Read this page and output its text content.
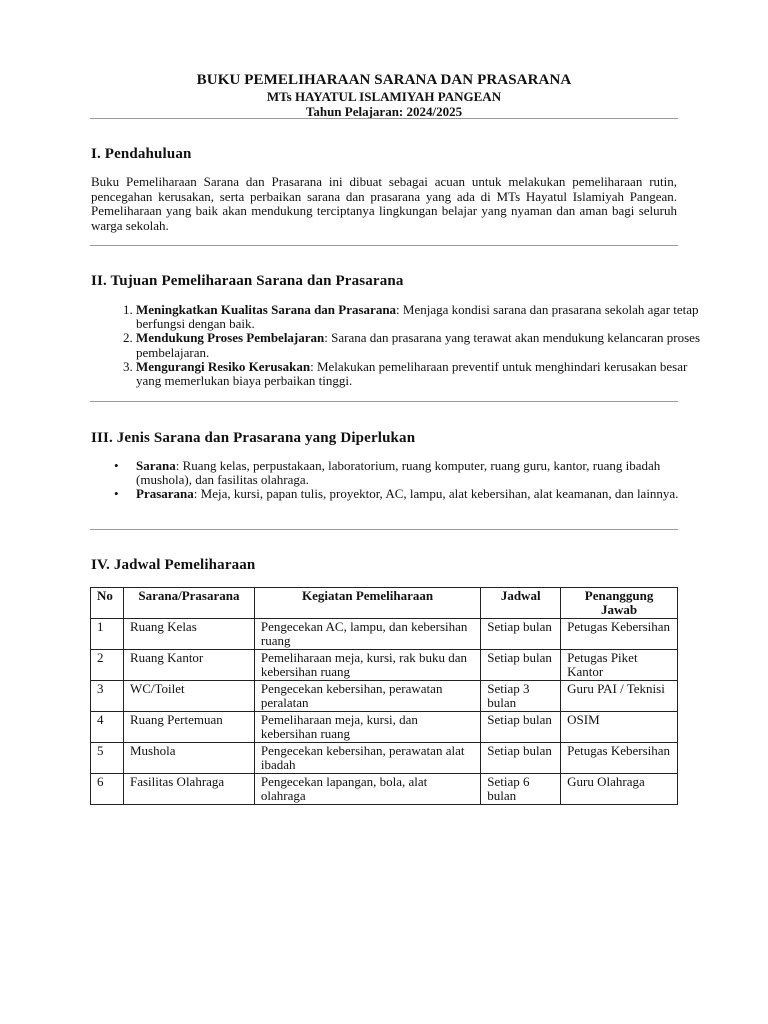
BUKU PEMELIHARAAN SARANA DAN PRASARANA
MTs HAYATUL ISLAMIYAH PANGEAN
Tahun Pelajaran: 2024/2025
I. Pendahuluan

Buku Pemeliharaan Sarana dan Prasarana ini dibuat sebagai acuan untuk melakukan pemeliharaan rutin, pencegahan kerusakan, serta perbaikan sarana dan prasarana yang ada di MTs Hayatul Islamiyah Pangean. Pemeliharaan yang baik akan mendukung terciptanya lingkungan belajar yang nyaman dan aman bagi seluruh warga sekolah.

II. Tujuan Pemeliharaan Sarana dan Prasarana
1. Meningkatkan Kualitas Sarana dan Prasarana: Menjaga kondisi sarana dan prasarana sekolah agar tetap berfungsi dengan baik.
2. Mendukung Proses Pembelajaran: Sarana dan prasarana yang terawat akan mendukung kelancaran proses pembelajaran.
3. Mengurangi Resiko Kerusakan: Melakukan pemeliharaan preventif untuk menghindari kerusakan besar yang memerlukan biaya perbaikan tinggi.
III. Jenis Sarana dan Prasarana yang Diperlukan
• Sarana: Ruang kelas, perpustakaan, laboratorium, ruang komputer, ruang guru, kantor, ruang ibadah (mushola), dan fasilitas olahraga.
• Prasarana: Meja, kursi, papan tulis, proyektor, AC, lampu, alat kebersihan, alat keamanan, dan lainnya.
IV. Jadwal Pemeliharaan
No	Sarana/Prasarana	Kegiatan Pemeliharaan	Jadwal	Penanggung Jawab
1	Ruang Kelas	Pengecekan AC, lampu, dan kebersihan ruang	Setiap bulan	Petugas Kebersihan
2	Ruang Kantor	Pemeliharaan meja, kursi, rak buku dan kebersihan ruang	Setiap bulan	Petugas Piket Kantor
3	WC/Toilet	Pengecekan kebersihan, perawatan peralatan	Setiap 3 bulan	Guru PAI / Teknisi
4	Ruang Pertemuan	Pemeliharaan meja, kursi, dan kebersihan ruang	Setiap bulan	OSIM
5	Mushola	Pengecekan kebersihan, perawatan alat ibadah	Setiap bulan	Petugas Kebersihan
6	Fasilitas Olahraga	Pengecekan lapangan, bola, alat olahraga	Setiap 6 bulan	Guru Olahraga
